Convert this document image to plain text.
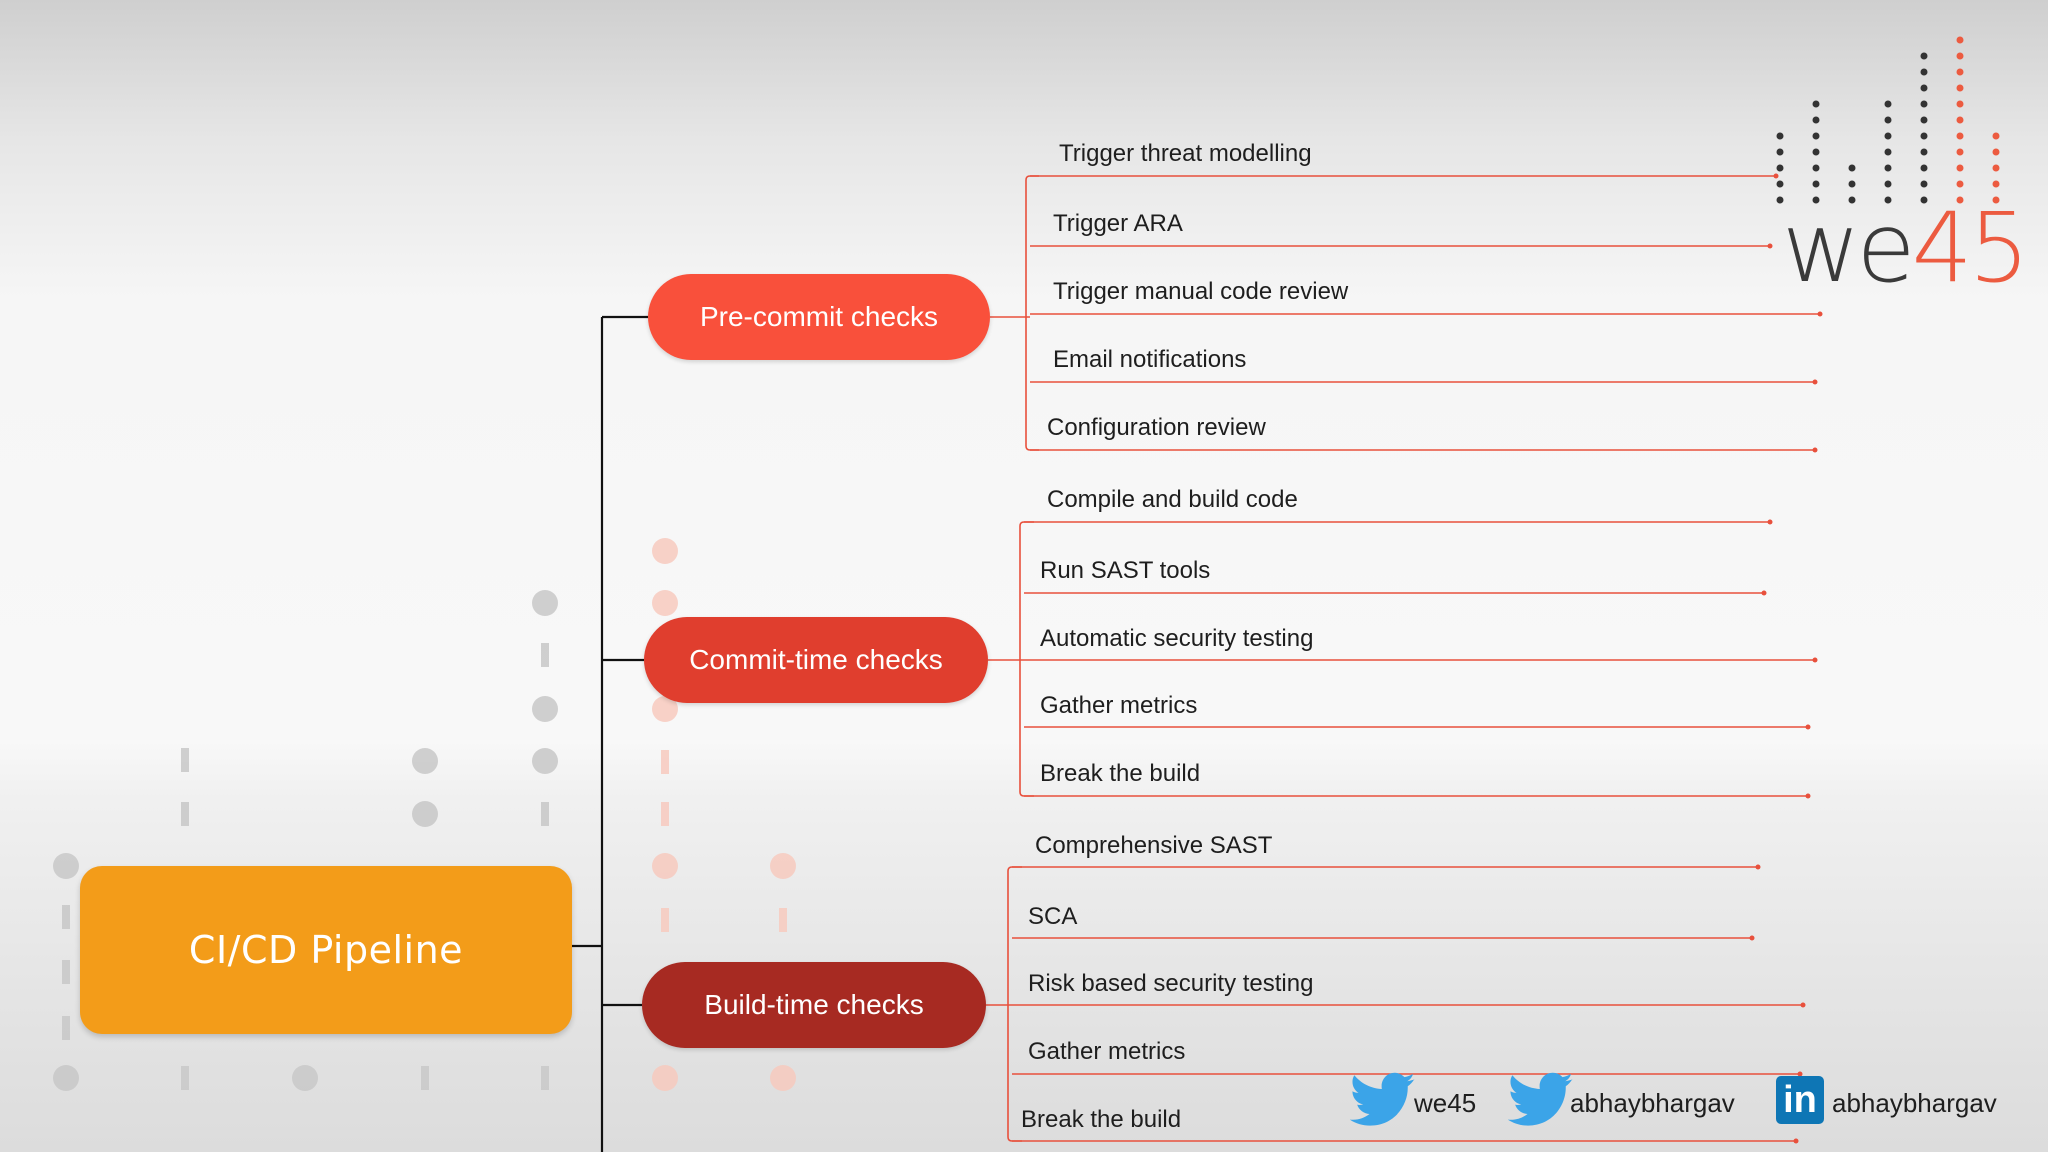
CI/CD Pipeline
Pre-commit checks
Commit-time checks
Build-time checks
Trigger threat modelling
Trigger ARA
Trigger manual code review
Email notifications
Configuration review
Compile and build code
Run SAST tools
Automatic security testing
Gather metrics
Break the build
Comprehensive SAST
SCA
Risk based security testing
Gather metrics
Break the build
we45
we45	abhaybhargav in abhaybhargav
